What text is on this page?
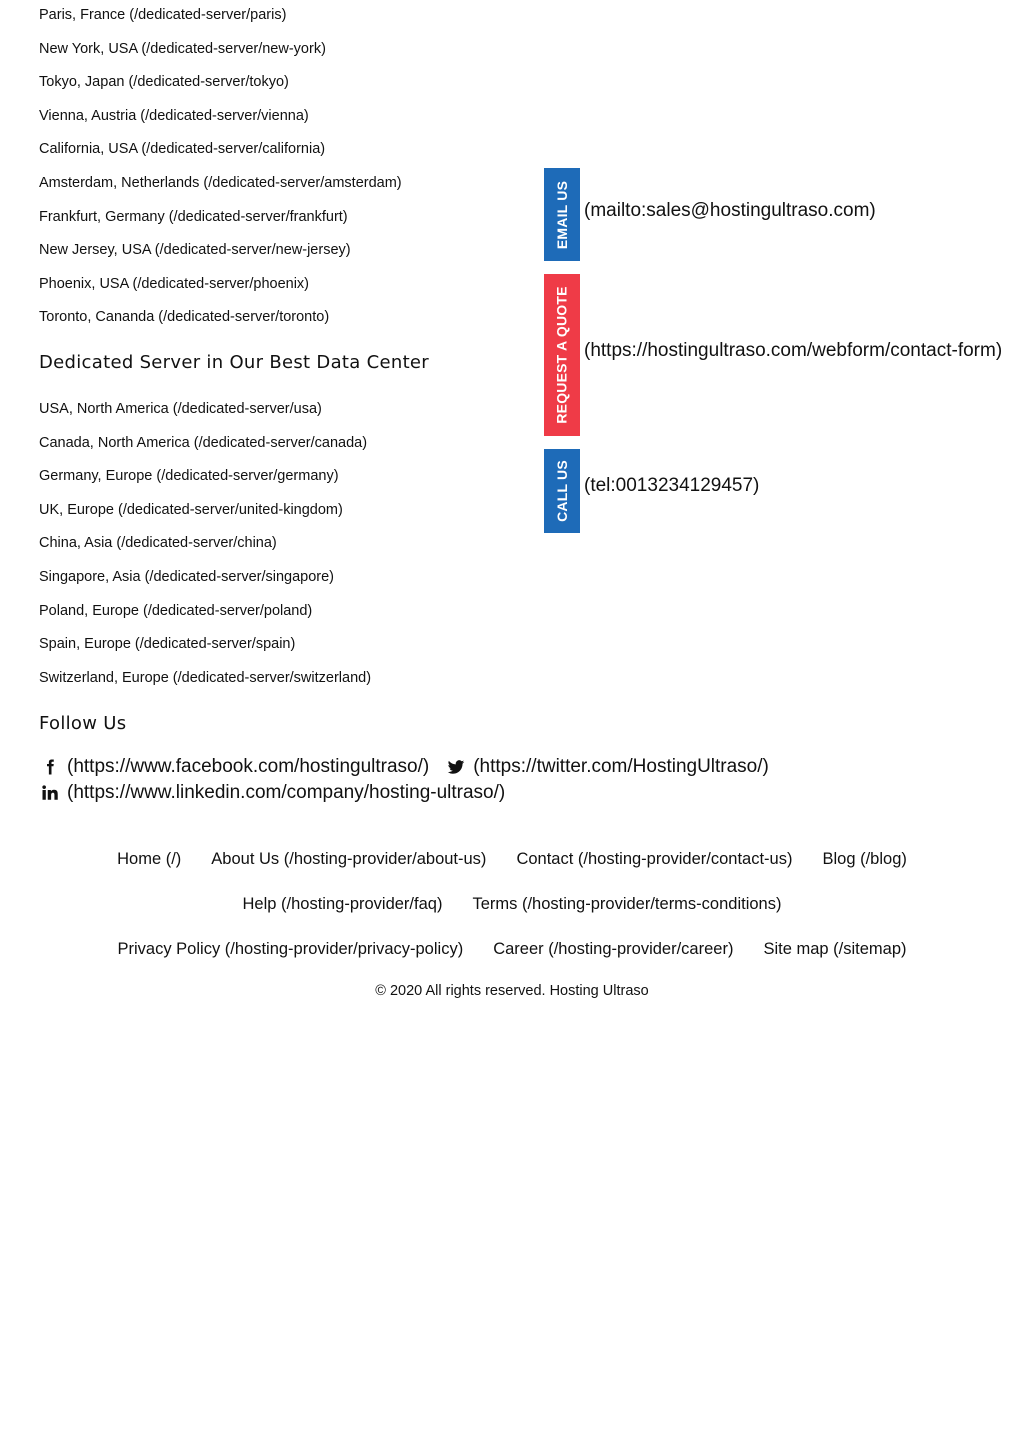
Paris, France (/dedicated-server/paris)
New York, USA (/dedicated-server/new-york)
Tokyo, Japan (/dedicated-server/tokyo)
Vienna, Austria (/dedicated-server/vienna)
California, USA (/dedicated-server/california)
Amsterdam, Netherlands (/dedicated-server/amsterdam)
Frankfurt, Germany (/dedicated-server/frankfurt)
New Jersey, USA (/dedicated-server/new-jersey)
Phoenix, USA (/dedicated-server/phoenix)
Toronto, Cananda (/dedicated-server/toronto)
Dedicated Server in Our Best Data Center
USA, North America (/dedicated-server/usa)
Canada, North America (/dedicated-server/canada)
Germany, Europe (/dedicated-server/germany)
UK, Europe (/dedicated-server/united-kingdom)
China, Asia (/dedicated-server/china)
Singapore, Asia (/dedicated-server/singapore)
Poland, Europe (/dedicated-server/poland)
Spain, Europe (/dedicated-server/spain)
Switzerland, Europe (/dedicated-server/switzerland)
Follow Us
(https://www.facebook.com/hostingultraso/) (https://twitter.com/HostingUltraso/)
(https://www.linkedin.com/company/hosting-ultraso/)
EMAIL US (mailto:sales@hostingultraso.com)
REQUEST A QUOTE (https://hostingultraso.com/webform/contact-form)
CALL US (tel:0013234129457)
Home (/) About Us (/hosting-provider/about-us) Contact (/hosting-provider/contact-us) Blog (/blog)
Help (/hosting-provider/faq) Terms (/hosting-provider/terms-conditions)
Privacy Policy (/hosting-provider/privacy-policy) Career (/hosting-provider/career) Site map (/sitemap)
© 2020 All rights reserved. Hosting Ultraso
